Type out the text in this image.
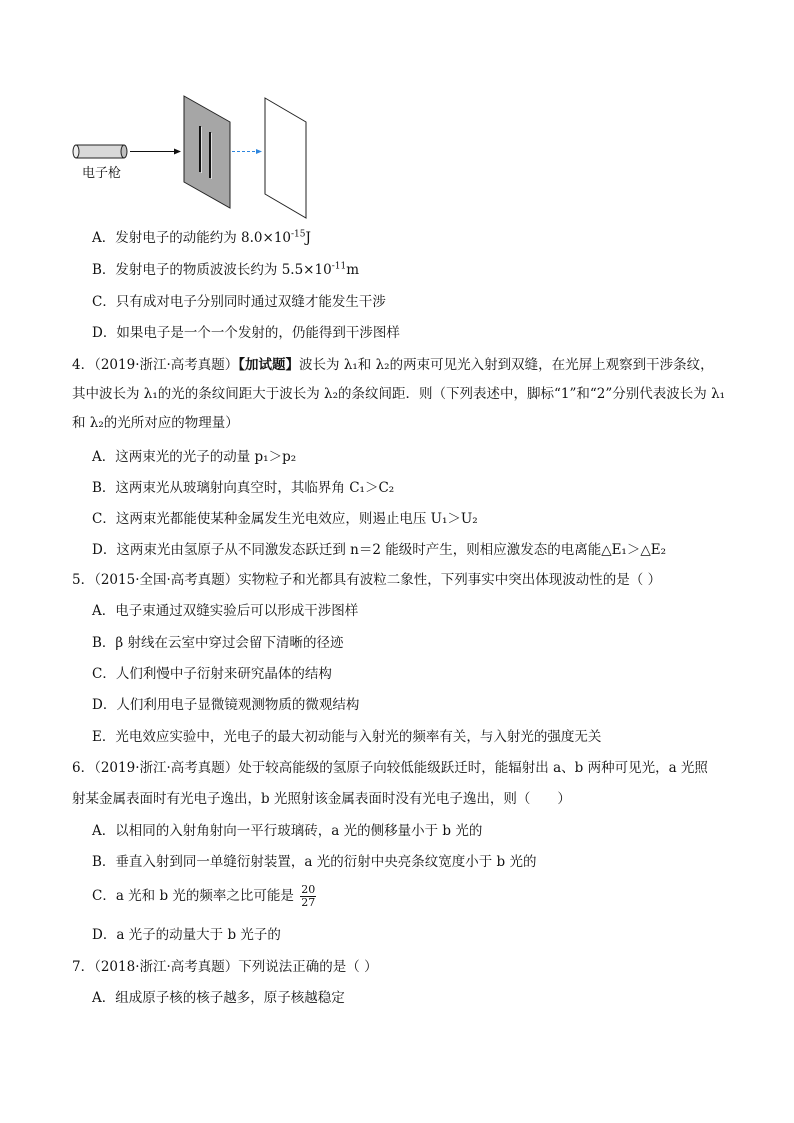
电子枪
A．发射电子的动能约为 $8.0\times 10^{-15}J$
B．发射电子的物质波波长约为 $5.5\times 10^{-11}m$
C．只有成对电子分别同时通过双缝才能发生干涉
D．如果电子是一个一个发射的，仍能得到干涉图样
4．（2019·浙江·高考真题）【加试题】波长为 λ₁和 λ₂的两束可见光入射到双缝，在光屏上观察到干涉条纹，
其中波长为 λ₁的光的条纹间距大于波长为 λ₂的条纹间距．则（下列表述中，脚标“1”和“2”分别代表波长为 λ₁
和 λ₂的光所对应的物理量）
A．这两束光的光子的动量 p₁＞p₂
B．这两束光从玻璃射向真空时，其临界角 C₁＞C₂
C．这两束光都能使某种金属发生光电效应，则遏止电压 U₁＞U₂
D．这两束光由氢原子从不同激发态跃迁到 n＝2 能级时产生，则相应激发态的电离能△E₁＞△E₂
5．（2015·全国·高考真题）实物粒子和光都具有波粒二象性，下列事实中突出体现波动性的是（ ）
A．电子束通过双缝实验后可以形成干涉图样
B．β 射线在云室中穿过会留下清晰的径迹
C．人们利慢中子衍射来研究晶体的结构
D．人们利用电子显微镜观测物质的微观结构
E．光电效应实验中，光电子的最大初动能与入射光的频率有关，与入射光的强度无关
6．（2019·浙江·高考真题）处于较高能级的氢原子向较低能级跃迁时，能辐射出 a、b 两种可见光，a 光照
射某金属表面时有光电子逸出，b 光照射该金属表面时没有光电子逸出，则（　　）
A．以相同的入射角射向一平行玻璃砖，a 光的侧移量小于 b 光的
B．垂直入射到同一单缝衍射装置，a 光的衍射中央亮条纹宽度小于 b 光的
C．a 光和 b 光的频率之比可能是 $\frac{20}{27}$
D．a 光子的动量大于 b 光子的
7．（2018·浙江·高考真题）下列说法正确的是（ ）
A．组成原子核的核子越多，原子核越稳定
